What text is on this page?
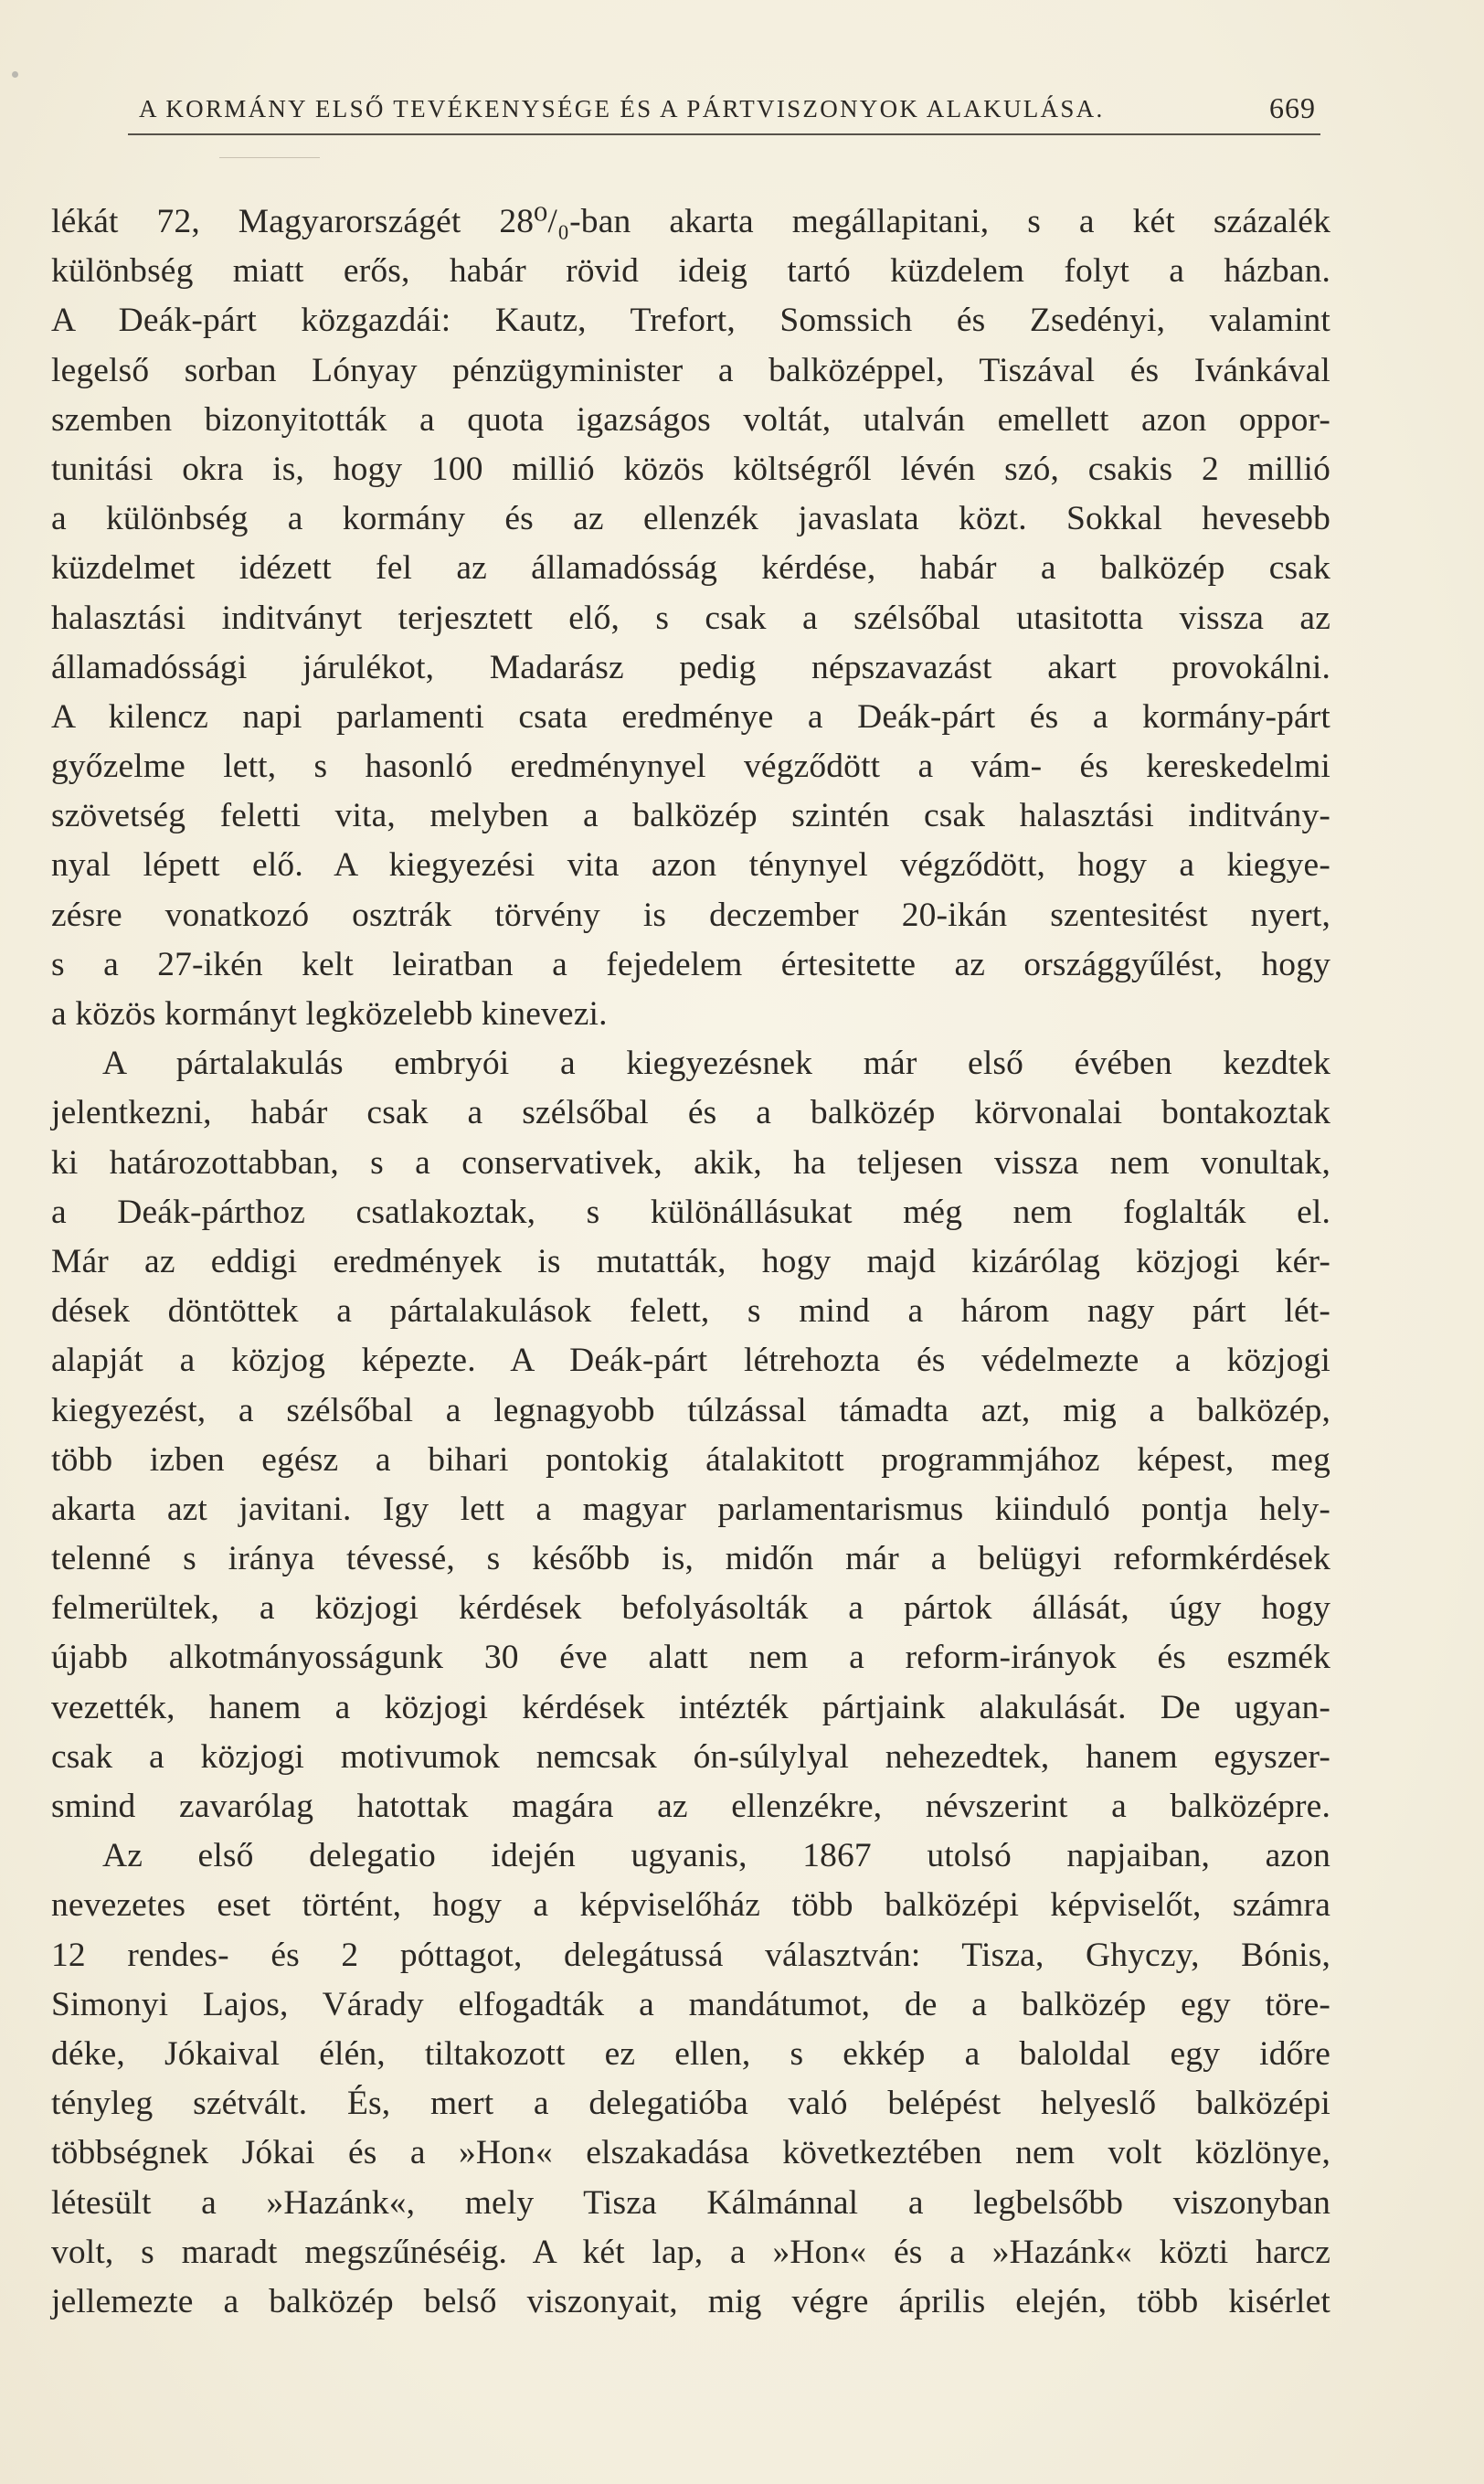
A KORMÁNY ELSŐ TEVÉKENYSÉGE ÉS A PÁRTVISZONYOK ALAKULÁSA.	669
lékát 72, Magyarországét 28⁰/₀-ban akarta megállapitani, s a két százalék
különbség miatt erős, habár rövid ideig tartó küzdelem folyt a házban.
A Deák-párt közgazdái: Kautz, Trefort, Somssich és Zsedényi, valamint
legelső sorban Lónyay pénzügyminister a balközéppel, Tiszával és Ivánkával
szemben bizonyitották a quota igazságos voltát, utalván emellett azon oppor-
tunitási okra is, hogy 100 millió közös költségről lévén szó, csakis 2 millió
a különbség a kormány és az ellenzék javaslata közt. Sokkal hevesebb
küzdelmet idézett fel az államadósság kérdése, habár a balközép csak
halasztási inditványt terjesztett elő, s csak a szélsőbal utasitotta vissza az
államadóssági járulékot, Madarász pedig népszavazást akart provokálni.
A kilencz napi parlamenti csata eredménye a Deák-párt és a kormány-párt
győzelme lett, s hasonló eredménynyel végződött a vám- és kereskedelmi
szövetség feletti vita, melyben a balközép szintén csak halasztási inditvány-
nyal lépett elő. A kiegyezési vita azon ténynyel végződött, hogy a kiegye-
zésre vonatkozó osztrák törvény is deczember 20-ikán szentesitést nyert,
s a 27-ikén kelt leiratban a fejedelem értesitette az országgyűlést, hogy
a közös kormányt legközelebb kinevezi.
A pártalakulás embryói a kiegyezésnek már első évében kezdtek
jelentkezni, habár csak a szélsőbal és a balközép körvonalai bontakoztak
ki határozottabban, s a conservativek, akik, ha teljesen vissza nem vonultak,
a Deák-párthoz csatlakoztak, s különállásukat még nem foglalták el.
Már az eddigi eredmények is mutatták, hogy majd kizárólag közjogi kér-
dések döntöttek a pártalakulások felett, s mind a három nagy párt lét-
alapját a közjog képezte. A Deák-párt létrehozta és védelmezte a közjogi
kiegyezést, a szélsőbal a legnagyobb túlzással támadta azt, mig a balközép,
több izben egész a bihari pontokig átalakitott programmjához képest, meg
akarta azt javitani. Igy lett a magyar parlamentarismus kiinduló pontja hely-
telenné s iránya tévessé, s később is, midőn már a belügyi reformkérdések
felmerültek, a közjogi kérdések befolyásolták a pártok állását, úgy hogy
újabb alkotmányosságunk 30 éve alatt nem a reform-irányok és eszmék
vezették, hanem a közjogi kérdések intézték pártjaink alakulását. De ugyan-
csak a közjogi motivumok nemcsak ón-súlylyal nehezedtek, hanem egyszer-
smind zavarólag hatottak magára az ellenzékre, névszerint a balközépre.
Az első delegatio idején ugyanis, 1867 utolsó napjaiban, azon
nevezetes eset történt, hogy a képviselőház több balközépi képviselőt, számra
12 rendes- és 2 póttagot, delegátussá választván: Tisza, Ghyczy, Bónis,
Simonyi Lajos, Várady elfogadták a mandátumot, de a balközép egy töre-
déke, Jókaival élén, tiltakozott ez ellen, s ekkép a baloldal egy időre
tényleg szétvált. És, mert a delegatióba való belépést helyeslő balközépi
többségnek Jókai és a »Hon« elszakadása következtében nem volt közlönye,
létesült a »Hazánk«, mely Tisza Kálmánnal a legbelsőbb viszonyban
volt, s maradt megszűnéséig. A két lap, a »Hon« és a »Hazánk« közti harcz
jellemezte a balközép belső viszonyait, mig végre április elején, több kisérlet
